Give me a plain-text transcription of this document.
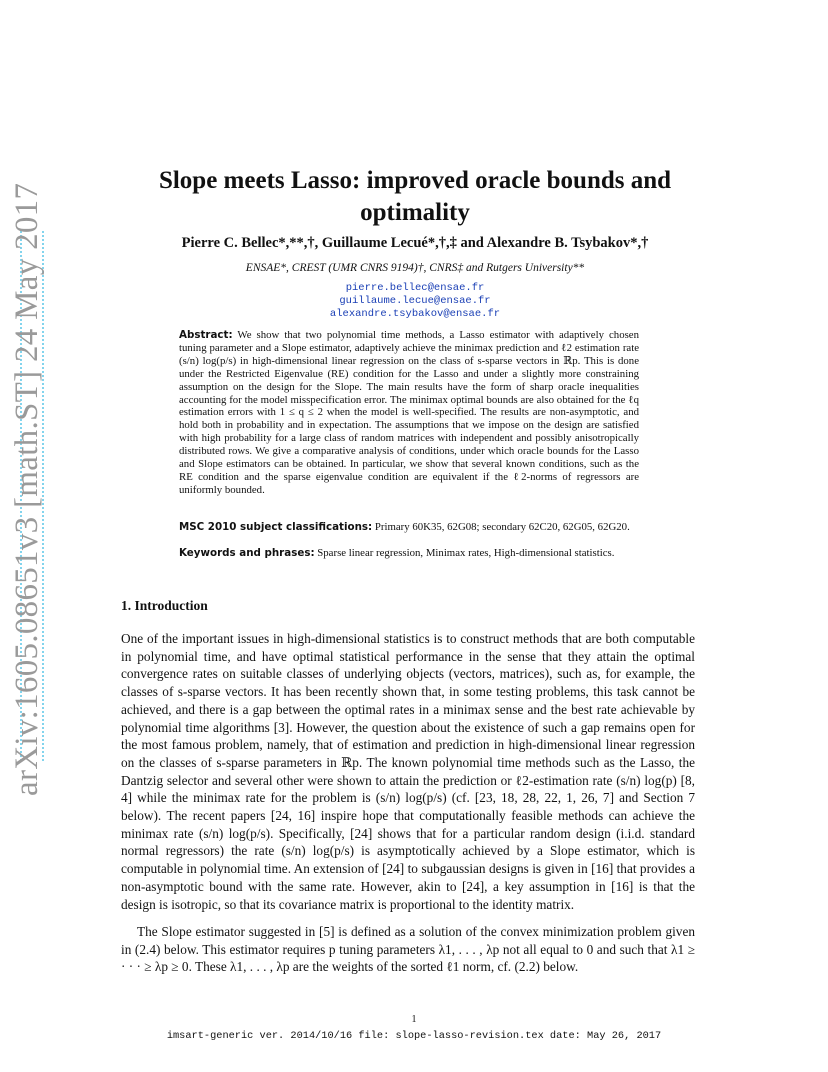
arXiv:1605.08651v3 [math.ST] 24 May 2017
Slope meets Lasso: improved oracle bounds and
optimality
Pierre C. Bellec*,**,†, Guillaume Lecué*,†,‡ and Alexandre B. Tsybakov*,†
ENSAE*, CREST (UMR CNRS 9194)†, CNRS‡ and Rutgers University**
pierre.bellec@ensae.fr
guillaume.lecue@ensae.fr
alexandre.tsybakov@ensae.fr
Abstract: We show that two polynomial time methods, a Lasso estimator with adaptively chosen tuning parameter and a Slope estimator, adaptively achieve the minimax prediction and ℓ2 estimation rate (s/n) log(p/s) in high-dimensional linear regression on the class of s-sparse vectors in ℝp. This is done under the Restricted Eigenvalue (RE) condition for the Lasso and under a slightly more constraining assumption on the design for the Slope. The main results have the form of sharp oracle inequalities accounting for the model misspecification error. The minimax optimal bounds are also obtained for the ℓq estimation errors with 1 ≤ q ≤ 2 when the model is well-specified. The results are non-asymptotic, and hold both in probability and in expectation. The assumptions that we impose on the design are satisfied with high probability for a large class of random matrices with independent and possibly anisotropically distributed rows. We give a comparative analysis of conditions, under which oracle bounds for the Lasso and Slope estimators can be obtained. In particular, we show that several known conditions, such as the RE condition and the sparse eigenvalue condition are equivalent if the ℓ2-norms of regressors are uniformly bounded.
MSC 2010 subject classifications: Primary 60K35, 62G08; secondary 62C20, 62G05, 62G20.
Keywords and phrases: Sparse linear regression, Minimax rates, High-dimensional statistics.
1. Introduction
One of the important issues in high-dimensional statistics is to construct methods that are both computable in polynomial time, and have optimal statistical performance in the sense that they attain the optimal convergence rates on suitable classes of underlying objects (vectors, matrices), such as, for example, the classes of s-sparse vectors. It has been recently shown that, in some testing problems, this task cannot be achieved, and there is a gap between the optimal rates in a minimax sense and the best rate achievable by polynomial time algorithms [3]. However, the question about the existence of such a gap remains open for the most famous problem, namely, that of estimation and prediction in high-dimensional linear regression on the classes of s-sparse parameters in ℝp. The known polynomial time methods such as the Lasso, the Dantzig selector and several other were shown to attain the prediction or ℓ2-estimation rate (s/n) log(p) [8, 4] while the minimax rate for the problem is (s/n) log(p/s) (cf. [23, 18, 28, 22, 1, 26, 7] and Section 7 below). The recent papers [24, 16] inspire hope that computationally feasible methods can achieve the minimax rate (s/n) log(p/s). Specifically, [24] shows that for a particular random design (i.i.d. standard normal regressors) the rate (s/n) log(p/s) is asymptotically achieved by a Slope estimator, which is computable in polynomial time. An extension of [24] to subgaussian designs is given in [16] that provides a non-asymptotic bound with the same rate. However, akin to [24], a key assumption in [16] is that the design is isotropic, so that its covariance matrix is proportional to the identity matrix.
The Slope estimator suggested in [5] is defined as a solution of the convex minimization problem given in (2.4) below. This estimator requires p tuning parameters λ1, . . . , λp not all equal to 0 and such that λ1 ≥ · · · ≥ λp ≥ 0. These λ1, . . . , λp are the weights of the sorted ℓ1 norm, cf. (2.2) below.
1
imsart-generic ver. 2014/10/16 file: slope-lasso-revision.tex date: May 26, 2017
